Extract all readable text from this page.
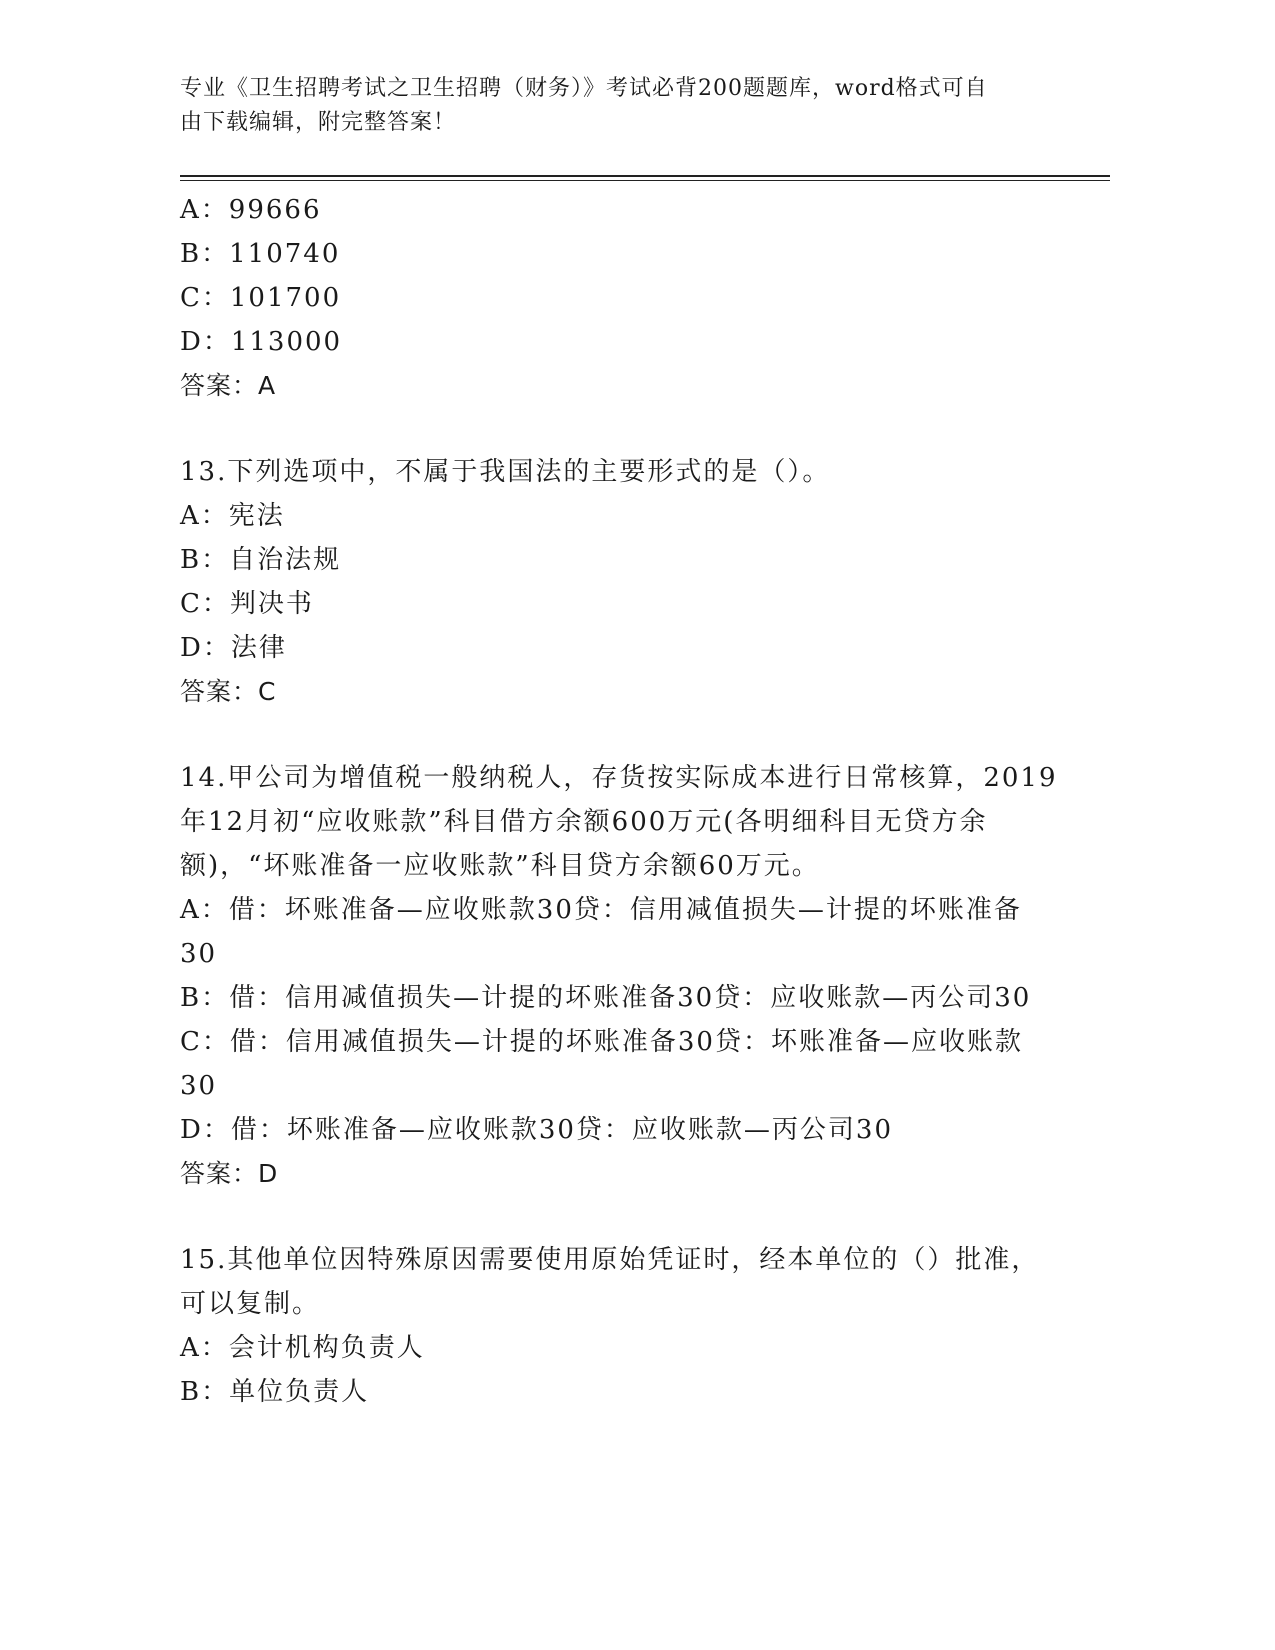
专业《卫生招聘考试之卫生招聘（财务）》考试必背200题题库，word格式可自
由下载编辑，附完整答案！
A：99666
B：110740
C：101700
D：113000
答案：A
13.下列选项中，不属于我国法的主要形式的是（）。
A：宪法
B：自治法规
C：判决书
D：法律
答案：C
14.甲公司为增值税一般纳税人，存货按实际成本进行日常核算，2019
年12月初“应收账款”科目借方余额600万元(各明细科目无贷方余
额)，“坏账准备一应收账款”科目贷方余额60万元。
A：借：坏账准备—应收账款30贷：信用减值损失—计提的坏账准备
30
B：借：信用减值损失—计提的坏账准备30贷：应收账款—丙公司30
C：借：信用减值损失—计提的坏账准备30贷：坏账准备—应收账款
30
D：借：坏账准备—应收账款30贷：应收账款—丙公司30
答案：D
15.其他单位因特殊原因需要使用原始凭证时，经本单位的（）批准，
可以复制。
A：会计机构负责人
B：单位负责人
